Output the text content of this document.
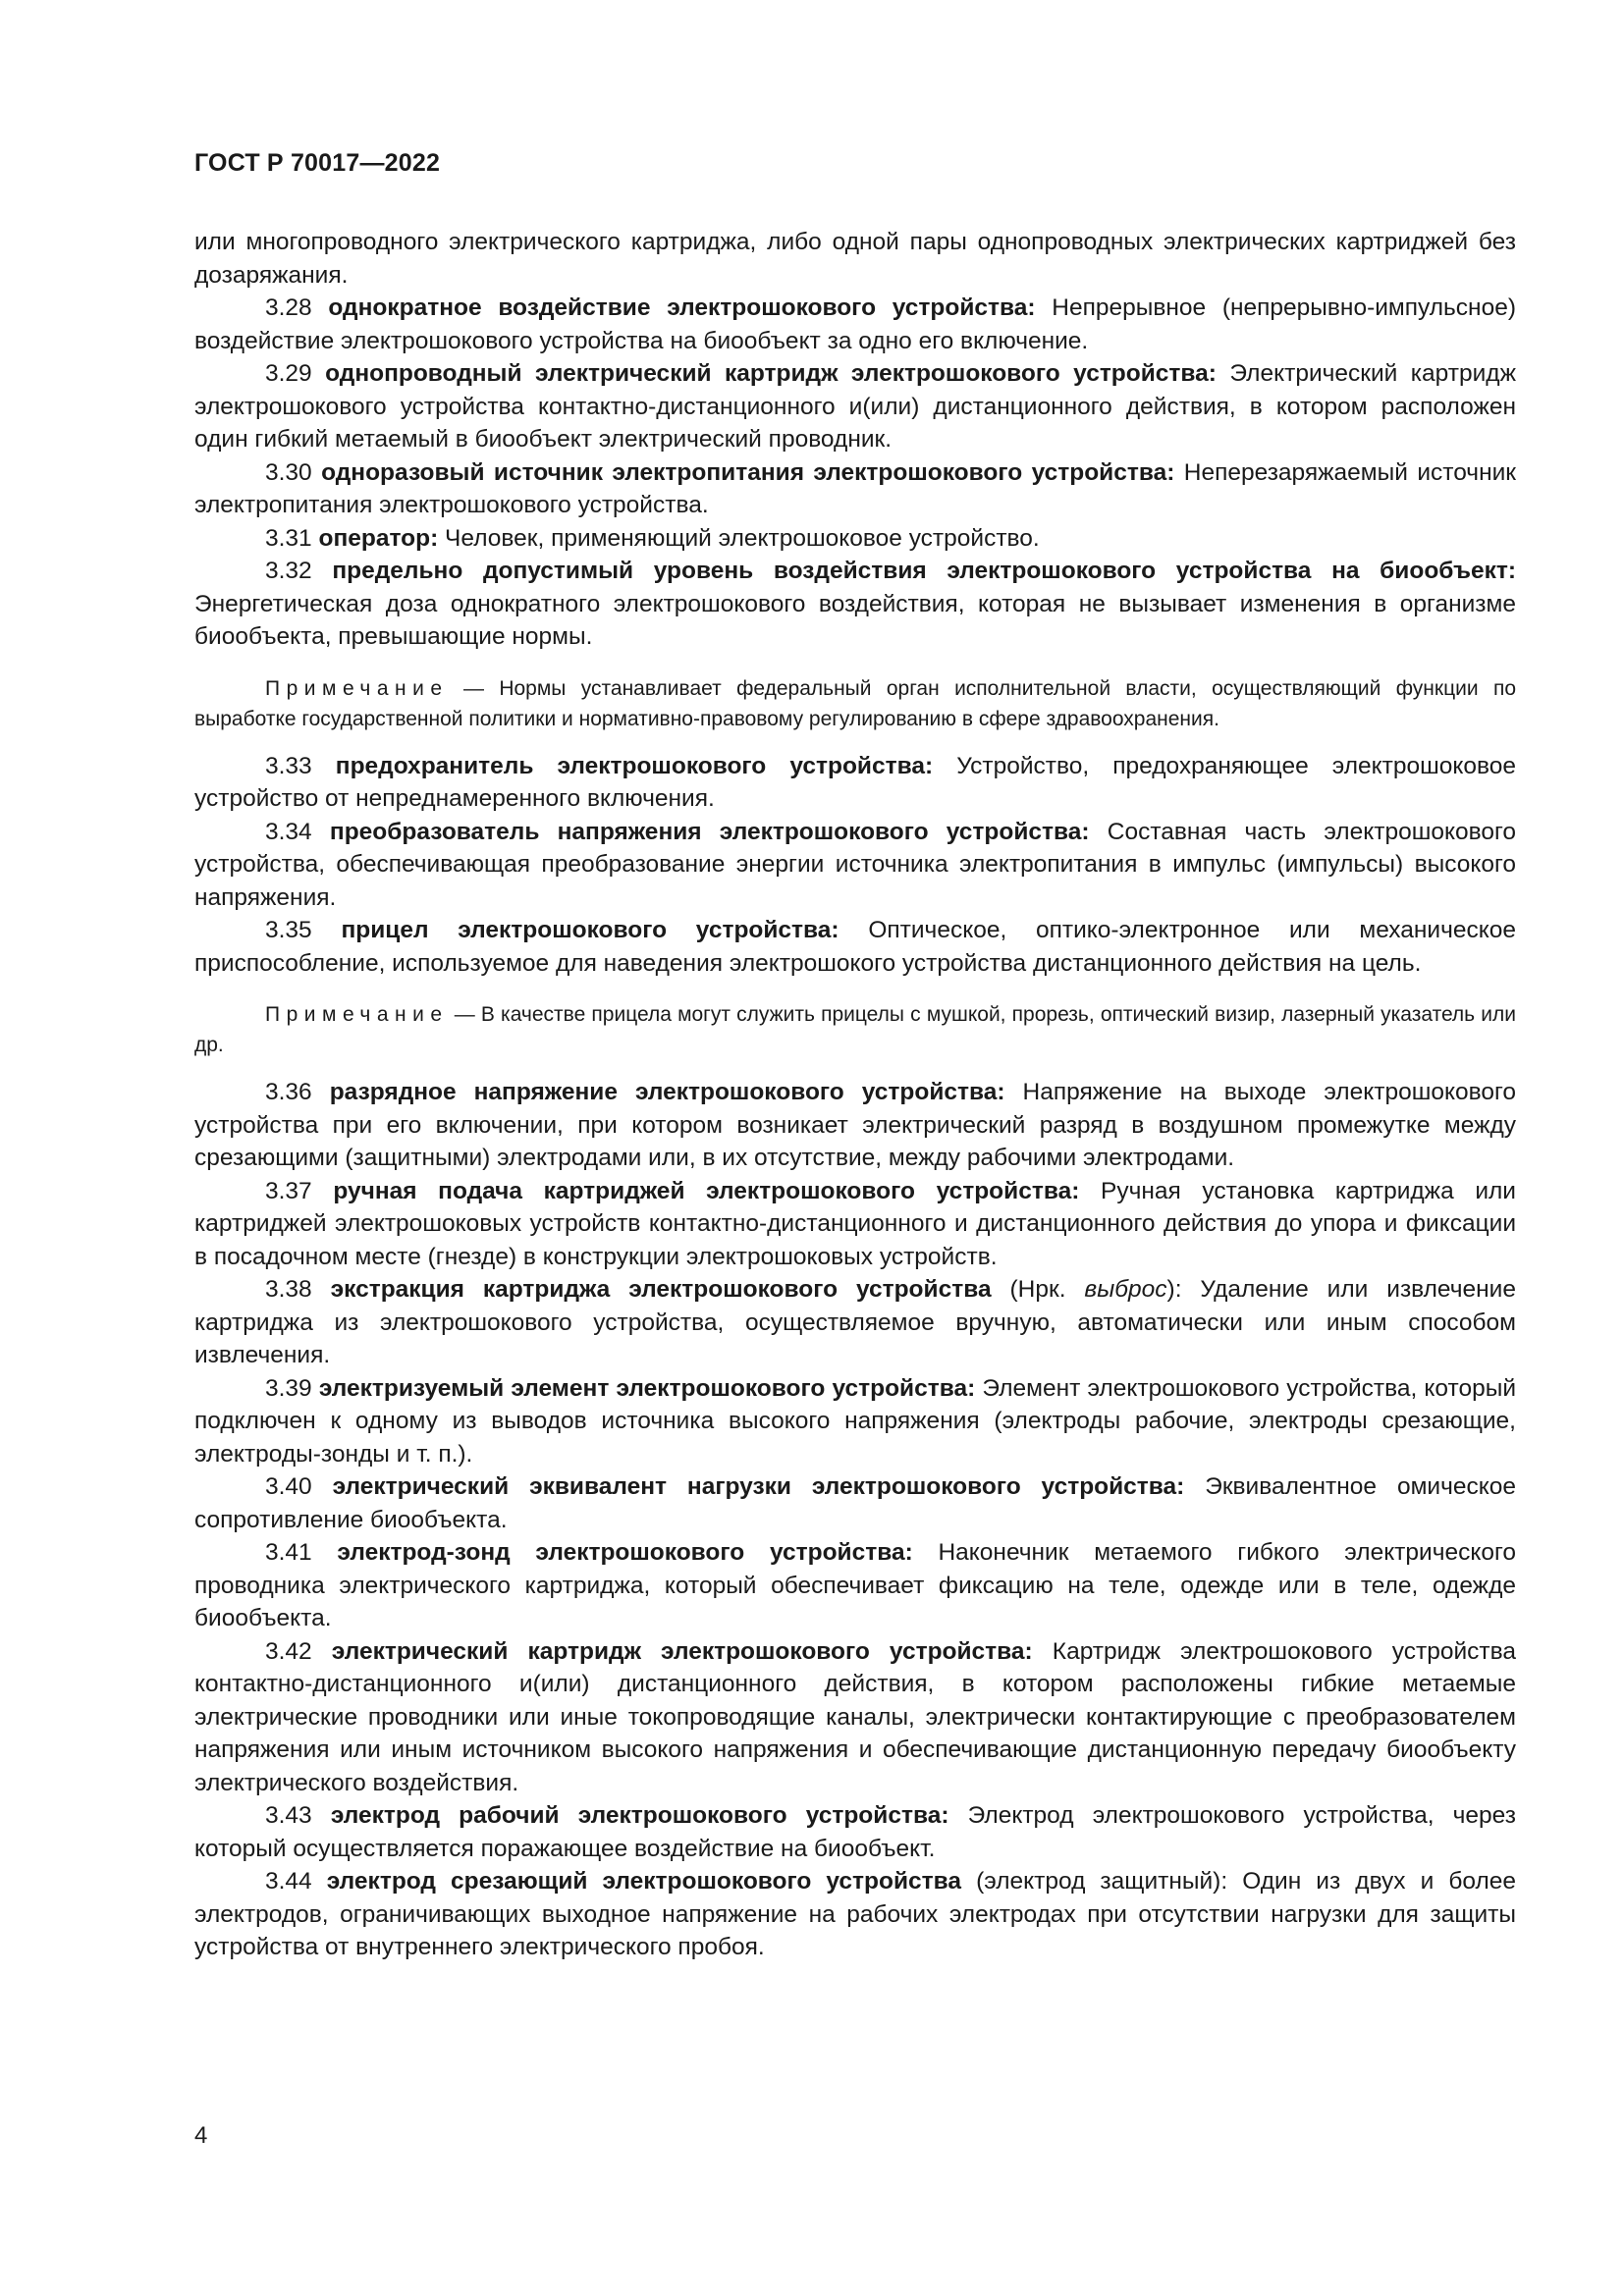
ГОСТ Р 70017—2022

или многопроводного электрического картриджа, либо одной пары однопроводных электрических картриджей без дозаряжания.

3.28 однократное воздействие электрошокового устройства: Непрерывное (непрерывно-импульсное) воздействие электрошокового устройства на биообъект за одно его включение.

3.29 однопроводный электрический картридж электрошокового устройства: Электрический картридж электрошокового устройства контактно-дистанционного и(или) дистанционного действия, в котором расположен один гибкий метаемый в биообъект электрический проводник.

3.30 одноразовый источник электропитания электрошокового устройства: Неперезаряжаемый источник электропитания электрошокового устройства.

3.31 оператор: Человек, применяющий электрошоковое устройство.

3.32 предельно допустимый уровень воздействия электрошокового устройства на биообъект: Энергетическая доза однократного электрошокового воздействия, которая не вызывает изменения в организме биообъекта, превышающие нормы.

Примечание — Нормы устанавливает федеральный орган исполнительной власти, осуществляющий функции по выработке государственной политики и нормативно-правовому регулированию в сфере здравоохранения.

3.33 предохранитель электрошокового устройства: Устройство, предохраняющее электрошоковое устройство от непреднамеренного включения.

3.34 преобразователь напряжения электрошокового устройства: Составная часть электрошокового устройства, обеспечивающая преобразование энергии источника электропитания в импульс (импульсы) высокого напряжения.

3.35 прицел электрошокового устройства: Оптическое, оптико-электронное или механическое приспособление, используемое для наведения электрошокого устройства дистанционного действия на цель.

Примечание — В качестве прицела могут служить прицелы с мушкой, прорезь, оптический визир, лазерный указатель или др.

3.36 разрядное напряжение электрошокового устройства: Напряжение на выходе электрошокового устройства при его включении, при котором возникает электрический разряд в воздушном промежутке между срезающими (защитными) электродами или, в их отсутствие, между рабочими электродами.

3.37 ручная подача картриджей электрошокового устройства: Ручная установка картриджа или картриджей электрошоковых устройств контактно-дистанционного и дистанционного действия до упора и фиксации в посадочном месте (гнезде) в конструкции электрошоковых устройств.

3.38 экстракция картриджа электрошокового устройства (Нрк. выброс): Удаление или извлечение картриджа из электрошокового устройства, осуществляемое вручную, автоматически или иным способом извлечения.

3.39 электризуемый элемент электрошокового устройства: Элемент электрошокового устройства, который подключен к одному из выводов источника высокого напряжения (электроды рабочие, электроды срезающие, электроды-зонды и т. п.).

3.40 электрический эквивалент нагрузки электрошокового устройства: Эквивалентное омическое сопротивление биообъекта.

3.41 электрод-зонд электрошокового устройства: Наконечник метаемого гибкого электрического проводника электрического картриджа, который обеспечивает фиксацию на теле, одежде или в теле, одежде биообъекта.

3.42 электрический картридж электрошокового устройства: Картридж электрошокового устройства контактно-дистанционного и(или) дистанционного действия, в котором расположены гибкие метаемые электрические проводники или иные токопроводящие каналы, электрически контактирующие с преобразователем напряжения или иным источником высокого напряжения и обеспечивающие дистанционную передачу биообъекту электрического воздействия.

3.43 электрод рабочий электрошокового устройства: Электрод электрошокового устройства, через который осуществляется поражающее воздействие на биообъект.

3.44 электрод срезающий электрошокового устройства (электрод защитный): Один из двух и более электродов, ограничивающих выходное напряжение на рабочих электродах при отсутствии нагрузки для защиты устройства от внутреннего электрического пробоя.

4
